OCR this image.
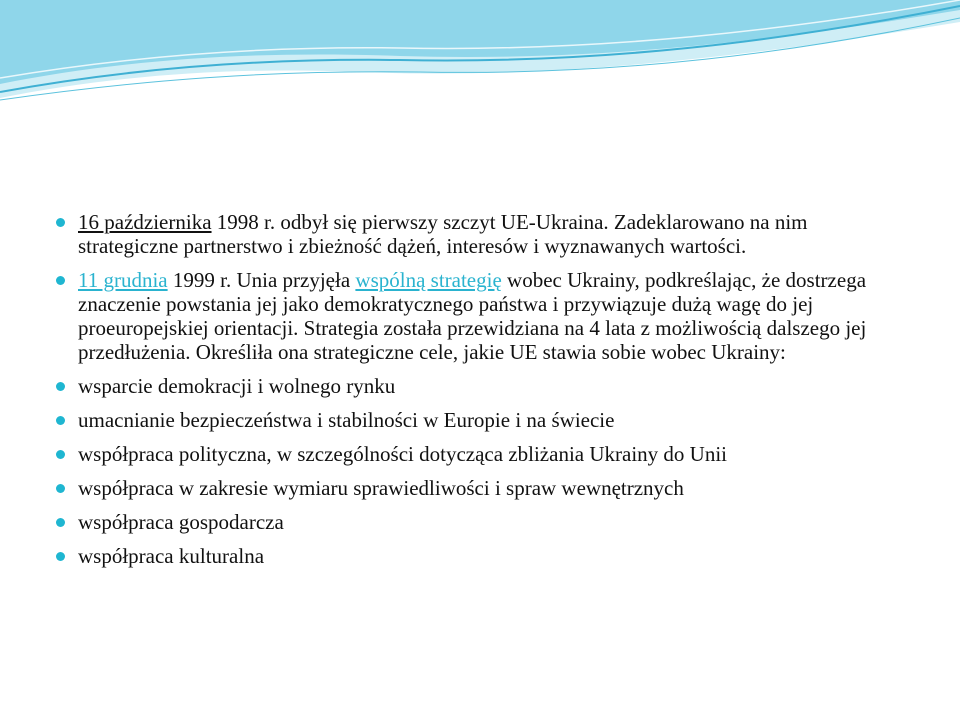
16 października 1998 r. odbył się pierwszy szczyt UE-Ukraina. Zadeklarowano na nim strategiczne partnerstwo i zbieżność dążeń, interesów i wyznawanych wartości.
11 grudnia 1999 r. Unia przyjęła wspólną strategię wobec Ukrainy, podkreślając, że dostrzega znaczenie powstania jej jako demokratycznego państwa i przywiązuje dużą wagę do jej proeuropejskiej orientacji. Strategia została przewidziana na 4 lata z możliwością dalszego jej przedłużenia. Określiła ona strategiczne cele, jakie UE stawia sobie wobec Ukrainy:
wsparcie demokracji i wolnego rynku
umacnianie bezpieczeństwa i stabilności w Europie i na świecie
współpraca polityczna, w szczególności dotycząca zbliżania Ukrainy do Unii
współpraca w zakresie wymiaru sprawiedliwości i spraw wewnętrznych
współpraca gospodarcza
współpraca kulturalna
